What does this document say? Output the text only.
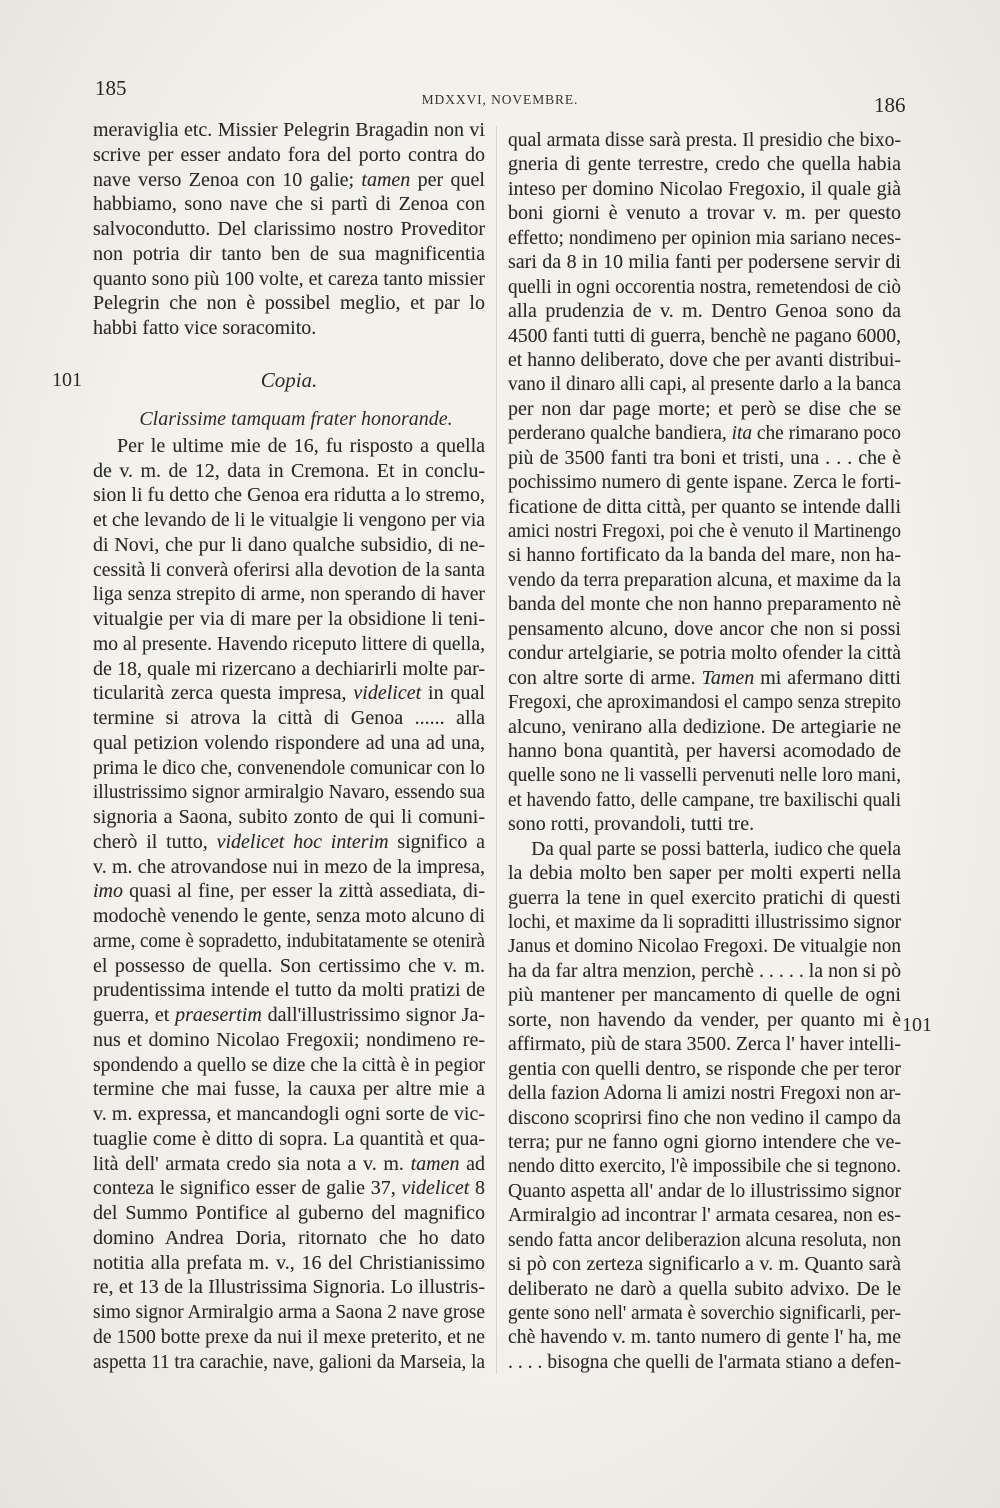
185	MDXXVI, NOVEMBRE.	186
101
101
meraviglia etc. Missier Pelegrin Bragadin non vi
scrive per esser andato fora del porto contra do
nave verso Zenoa con 10 galie; tamen per quel
habbiamo, sono nave che si partì di Zenoa con
salvocondutto. Del clarissimo nostro Proveditor
non potria dir tanto ben de sua magnificentia
quanto sono più 100 volte, et careza tanto missier
Pelegrin che non è possibel meglio, et par lo
habbi fatto vice soracomito.
Copia.
Clarissime tamquam frater honorande.
Per le ultime mie de 16, fu risposto a quella
de v. m. de 12, data in Cremona. Et in conclu-
sion li fu detto che Genoa era ridutta a lo stremo,
et che levando de li le vitualgie li vengono per via
di Novi, che pur li dano qualche subsidio, di ne-
cessità li converà oferirsi alla devotion de la santa
liga senza strepito di arme, non sperando di haver
vitualgie per via di mare per la obsidione li teni-
mo al presente. Havendo riceputo littere di quella,
de 18, quale mi rizercano a dechiarirli molte par-
ticularità zerca questa impresa, videlicet in qual
termine si atrova la città di Genoa ...... alla
qual petizion volendo rispondere ad una ad una,
prima le dico che, convenendole comunicar con lo
illustrissimo signor armiralgio Navaro, essendo sua
signoria a Saona, subito zonto de qui li comuni-
cherò il tutto, videlicet hoc interim significo a
v. m. che atrovandose nui in mezo de la impresa,
imo quasi al fine, per esser la zittà assediata, di-
modochè venendo le gente, senza moto alcuno di
arme, come è sopradetto, indubitatamente se otenirà
el possesso de quella. Son certissimo che v. m.
prudentissima intende el tutto da molti pratizi de
guerra, et praesertim dall'illustrissimo signor Ja-
nus et domino Nicolao Fregoxii; nondimeno re-
spondendo a quello se dize che la città è in pegior
termine che mai fusse, la cauxa per altre mie a
v. m. expressa, et mancandogli ogni sorte de vic-
tuaglie come è ditto di sopra. La quantità et qua-
lità dell' armata credo sia nota a v. m. tamen ad
conteza le significo esser de galie 37, videlicet 8
del Summo Pontifice al guberno del magnifico
domino Andrea Doria, ritornato che ho dato
notitia alla prefata m. v., 16 del Christianissimo
re, et 13 de la Illustrissima Signoria. Lo illustris-
simo signor Armiralgio arma a Saona 2 nave grose
de 1500 botte prexe da nui il mexe preterito, et ne
aspetta 11 tra carachie, nave, galioni da Marseia, la
qual armata disse sarà presta. Il presidio che bixo-
gneria di gente terrestre, credo che quella habia
inteso per domino Nicolao Fregoxio, il quale già
boni giorni è venuto a trovar v. m. per questo
effetto; nondimeno per opinion mia sariano neces-
sari da 8 in 10 milia fanti per podersene servir di
quelli in ogni occorentia nostra, remetendosi de ciò
alla prudenzia de v. m. Dentro Genoa sono da
4500 fanti tutti di guerra, benchè ne pagano 6000,
et hanno deliberato, dove che per avanti distribui-
vano il dinaro alli capi, al presente darlo a la banca
per non dar page morte; et però se dise che se
perderano qualche bandiera, ita che rimarano poco
più de 3500 fanti tra boni et tristi, una . . . che è
pochissimo numero di gente ispane. Zerca le forti-
ficatione de ditta città, per quanto se intende dalli
amici nostri Fregoxi, poi che è venuto il Martinengo
si hanno fortificato da la banda del mare, non ha-
vendo da terra preparation alcuna, et maxime da la
banda del monte che non hanno preparamento nè
pensamento alcuno, dove ancor che non si possi
condur artelgiarie, se potria molto ofender la città
con altre sorte di arme. Tamen mi afermano ditti
Fregoxi, che aproximandosi el campo senza strepito
alcuno, venirano alla dedizione. De artegiarie ne
hanno bona quantità, per haversi acomodado de
quelle sono ne li vasselli pervenuti nelle loro mani,
et havendo fatto, delle campane, tre baxilischi quali
sono rotti, provandoli, tutti tre.
Da qual parte se possi batterla, iudico che quela
la debia molto ben saper per molti experti nella
guerra la tene in quel exercito pratichi di questi
lochi, et maxime da li sopraditti illustrissimo signor
Janus et domino Nicolao Fregoxi. De vitualgie non
ha da far altra menzion, perchè . . . . . la non si pò
più mantener per mancamento di quelle de ogni
sorte, non havendo da vender, per quanto mi è
affirmato, più de stara 3500. Zerca l' haver intelli-
gentia con quelli dentro, se risponde che per teror
della fazion Adorna li amizi nostri Fregoxi non ar-
discono scoprirsi fino che non vedino il campo da
terra; pur ne fanno ogni giorno intendere che ve-
nendo ditto exercito, l'è impossibile che si tegnono.
Quanto aspetta all' andar de lo illustrissimo signor
Armiralgio ad incontrar l' armata cesarea, non es-
sendo fatta ancor deliberazion alcuna resoluta, non
si pò con zerteza significarlo a v. m. Quanto sarà
deliberato ne darò a quella subito advixo. De le
gente sono nell' armata è soverchio significarli, per-
chè havendo v. m. tanto numero di gente l' ha, me
. . . . bisogna che quelli de l'armata stiano a defen-
